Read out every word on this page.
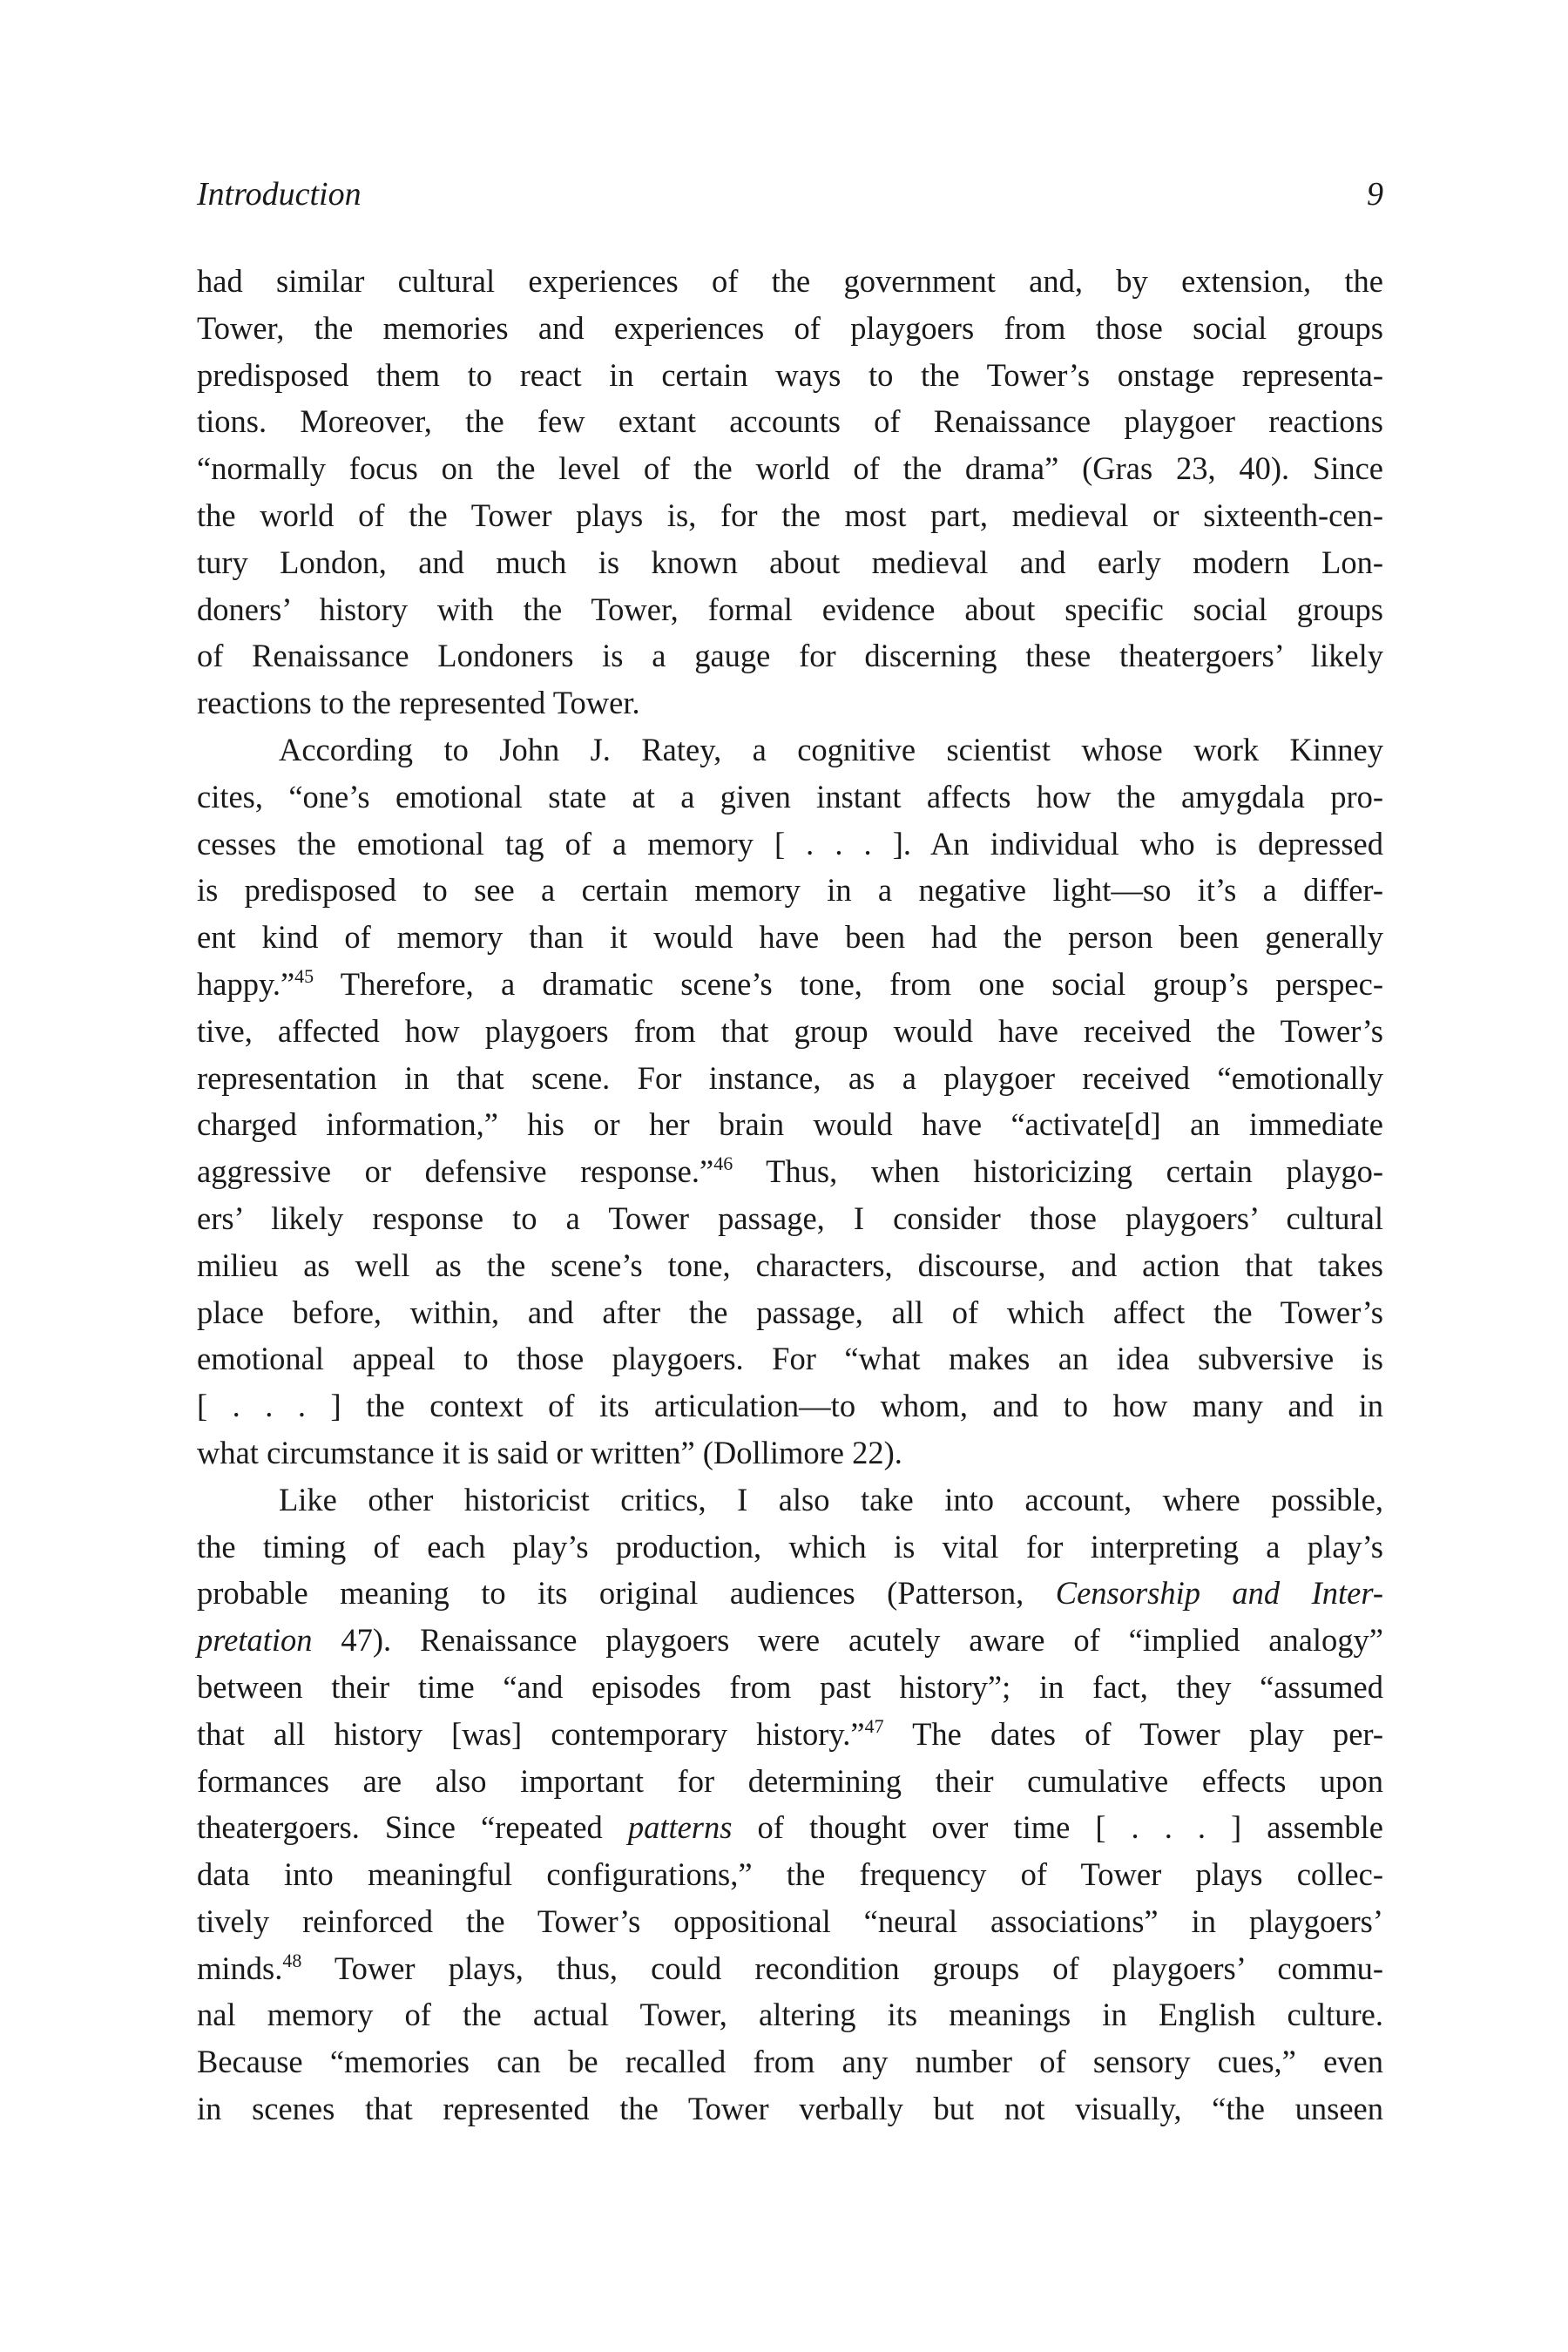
Introduction	9
had similar cultural experiences of the government and, by extension, the
Tower, the memories and experiences of playgoers from those social groups
predisposed them to react in certain ways to the Tower’s onstage representa-
tions. Moreover, the few extant accounts of Renaissance playgoer reactions
“normally focus on the level of the world of the drama” (Gras 23, 40). Since
the world of the Tower plays is, for the most part, medieval or sixteenth-cen-
tury London, and much is known about medieval and early modern Lon-
doners’ history with the Tower, formal evidence about specific social groups
of Renaissance Londoners is a gauge for discerning these theatergoers’ likely
reactions to the represented Tower.
According to John J. Ratey, a cognitive scientist whose work Kinney
cites, “one’s emotional state at a given instant affects how the amygdala pro-
cesses the emotional tag of a memory [ . . . ]. An individual who is depressed
is predisposed to see a certain memory in a negative light—so it’s a differ-
ent kind of memory than it would have been had the person been generally
happy.”$^{45}$ Therefore, a dramatic scene’s tone, from one social group’s perspec-
tive, affected how playgoers from that group would have received the Tower’s
representation in that scene. For instance, as a playgoer received “emotionally
charged information,” his or her brain would have “activate[d] an immediate
aggressive or defensive response.”$^{46}$ Thus, when historicizing certain playgo-
ers’ likely response to a Tower passage, I consider those playgoers’ cultural
milieu as well as the scene’s tone, characters, discourse, and action that takes
place before, within, and after the passage, all of which affect the Tower’s
emotional appeal to those playgoers. For “what makes an idea subversive is
[ . . . ] the context of its articulation—to whom, and to how many and in
what circumstance it is said or written” (Dollimore 22).
Like other historicist critics, I also take into account, where possible,
the timing of each play’s production, which is vital for interpreting a play’s
probable meaning to its original audiences (Patterson, Censorship and Inter-
pretation 47). Renaissance playgoers were acutely aware of “implied analogy”
between their time “and episodes from past history”; in fact, they “assumed
that all history [was] contemporary history.”$^{47}$ The dates of Tower play per-
formances are also important for determining their cumulative effects upon
theatergoers. Since “repeated patterns of thought over time [ . . . ] assemble
data into meaningful configurations,” the frequency of Tower plays collec-
tively reinforced the Tower’s oppositional “neural associations” in playgoers’
minds.$^{48}$ Tower plays, thus, could recondition groups of playgoers’ commu-
nal memory of the actual Tower, altering its meanings in English culture.
Because “memories can be recalled from any number of sensory cues,” even
in scenes that represented the Tower verbally but not visually, “the unseen
